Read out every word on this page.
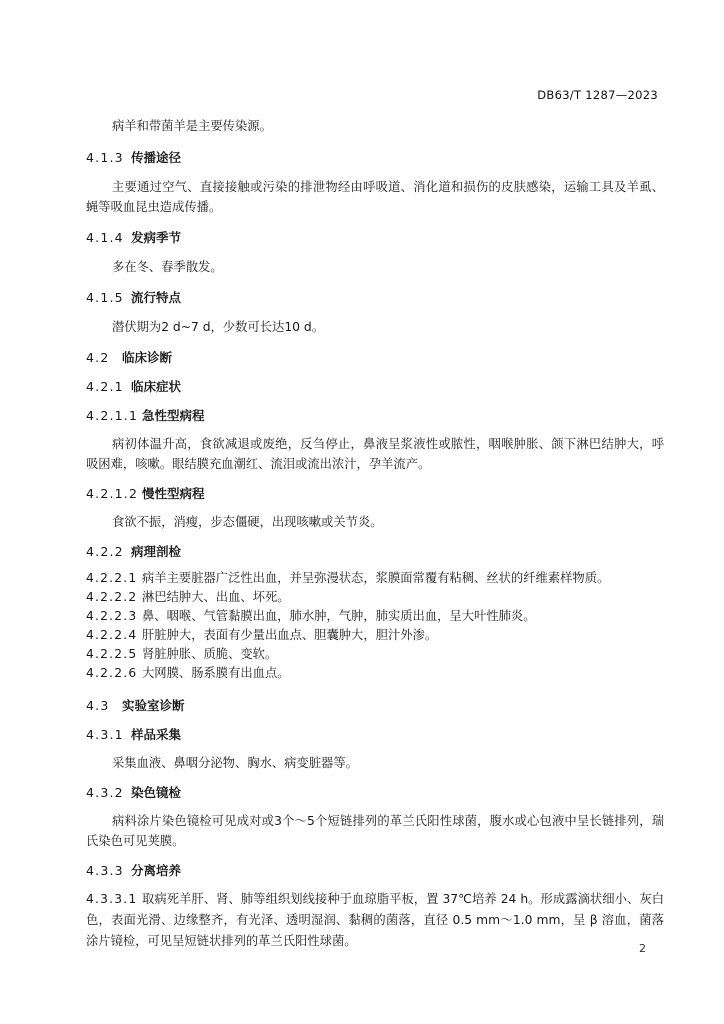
DB63/T 1287—2023

病羊和带菌羊是主要传染源。

4.1.3 传播途径

主要通过空气、直接接触或污染的排泄物经由呼吸道、消化道和损伤的皮肤感染，运输工具及羊虱、蝇等吸血昆虫造成传播。

4.1.4 发病季节

多在冬、春季散发。

4.1.5 流行特点

潜伏期为2 d~7 d，少数可长达10 d。

4.2	临床诊断
4.2.1 临床症状
4.2.1.1 急性型病程

病初体温升高，食欲减退或废绝，反刍停止，鼻液呈浆液性或脓性，咽喉肿胀、颌下淋巴结肿大，呼吸困难，咳嗽。眼结膜充血潮红、流泪或流出浓汁，孕羊流产。

4.2.1.2 慢性型病程

食欲不振，消瘦，步态僵硬，出现咳嗽或关节炎。

4.2.2 病理剖检
4.2.2.1 病羊主要脏器广泛性出血，并呈弥漫状态，浆膜面常覆有粘稠、丝状的纤维素样物质。
4.2.2.2 淋巴结肿大、出血、坏死。
4.2.2.3 鼻、咽喉、气管黏膜出血，肺水肿，气肿，肺实质出血，呈大叶性肺炎。
4.2.2.4 肝脏肿大，表面有少量出血点、胆囊肿大，胆汁外渗。
4.2.2.5 肾脏肿胀、质脆、变软。
4.2.2.6 大网膜、肠系膜有出血点。
4.3	实验室诊断
4.3.1 样品采集

采集血液、鼻咽分泌物、胸水、病变脏器等。

4.3.2 染色镜检

病料涂片染色镜检可见成对或3个～5个短链排列的革兰氏阳性球菌，腹水或心包液中呈长链排列，瑞氏染色可见荚膜。

4.3.3 分离培养

4.3.3.1 取病死羊肝、肾、肺等组织划线接种于血琼脂平板，置 37℃培养 24 h。形成露滴状细小、灰白色，表面光滑、边缘整齐，有光泽、透明湿润、黏稠的菌落，直径 0.5 mm～1.0 mm，呈 β 溶血，菌落涂片镜检，可见呈短链状排列的革兰氏阳性球菌。

2
